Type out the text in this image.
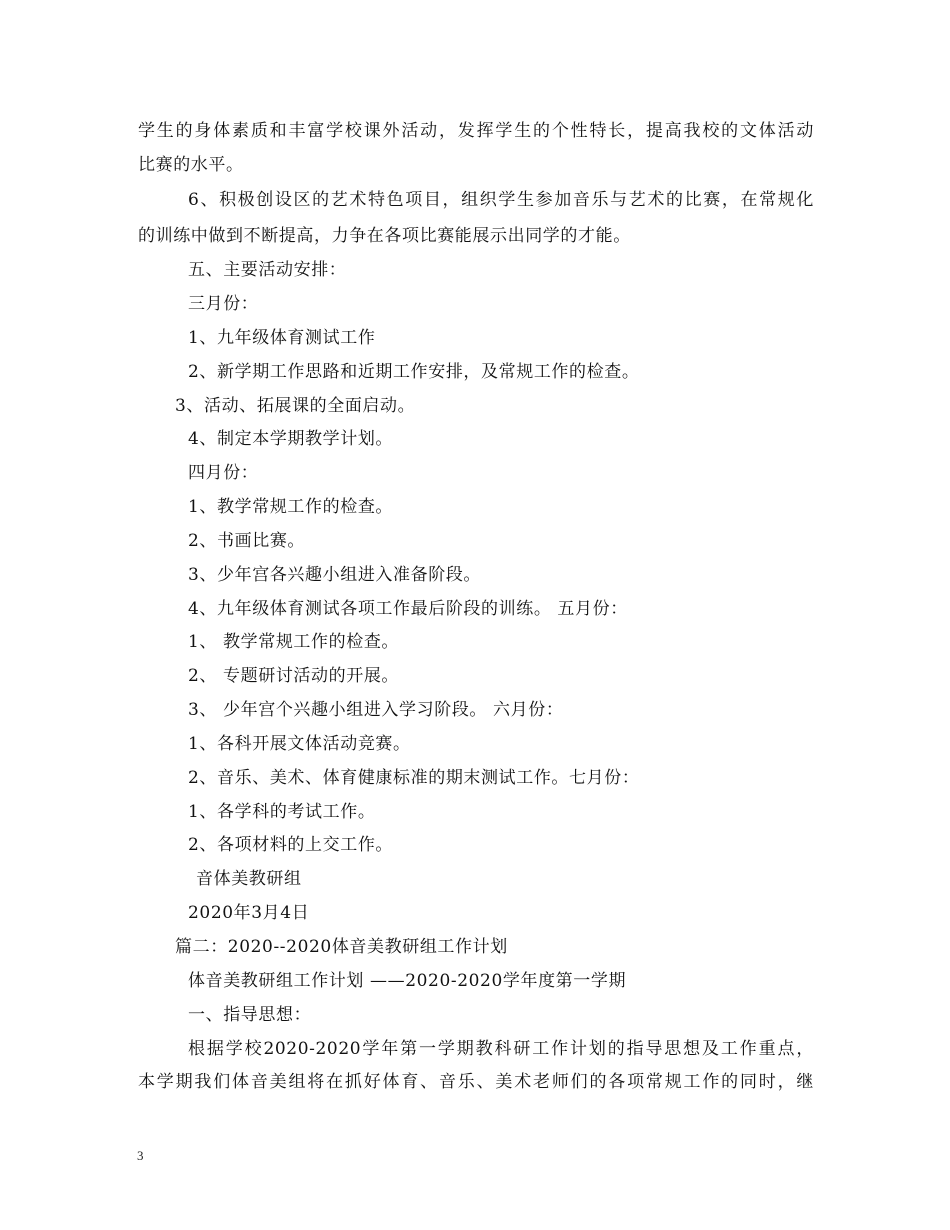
学生的身体素质和丰富学校课外活动，发挥学生的个性特长，提高我校的文体活动

比赛的水平。

6、积极创设区的艺术特色项目，组织学生参加音乐与艺术的比赛，在常规化

的训练中做到不断提高，力争在各项比赛能展示出同学的才能。

五、主要活动安排：

三月份：

1、九年级体育测试工作

2、新学期工作思路和近期工作安排，及常规工作的检查。

3、活动、拓展课的全面启动。

4、制定本学期教学计划。

四月份：

1、教学常规工作的检查。

2、书画比赛。

3、少年宫各兴趣小组进入准备阶段。

4、九年级体育测试各项工作最后阶段的训练。 五月份：

1、 教学常规工作的检查。

2、 专题研讨活动的开展。

3、 少年宫个兴趣小组进入学习阶段。 六月份：

1、各科开展文体活动竞赛。

2、音乐、美术、体育健康标准的期末测试工作。七月份：

1、各学科的考试工作。

2、各项材料的上交工作。

音体美教研组

2020年3月4日

篇二：2020--2020体音美教研组工作计划

体音美教研组工作计划 ——2020-2020学年度第一学期

一、指导思想：

根据学校2020-2020学年第一学期教科研工作计划的指导思想及工作重点，

本学期我们体音美组将在抓好体育、音乐、美术老师们的各项常规工作的同时，继

3
